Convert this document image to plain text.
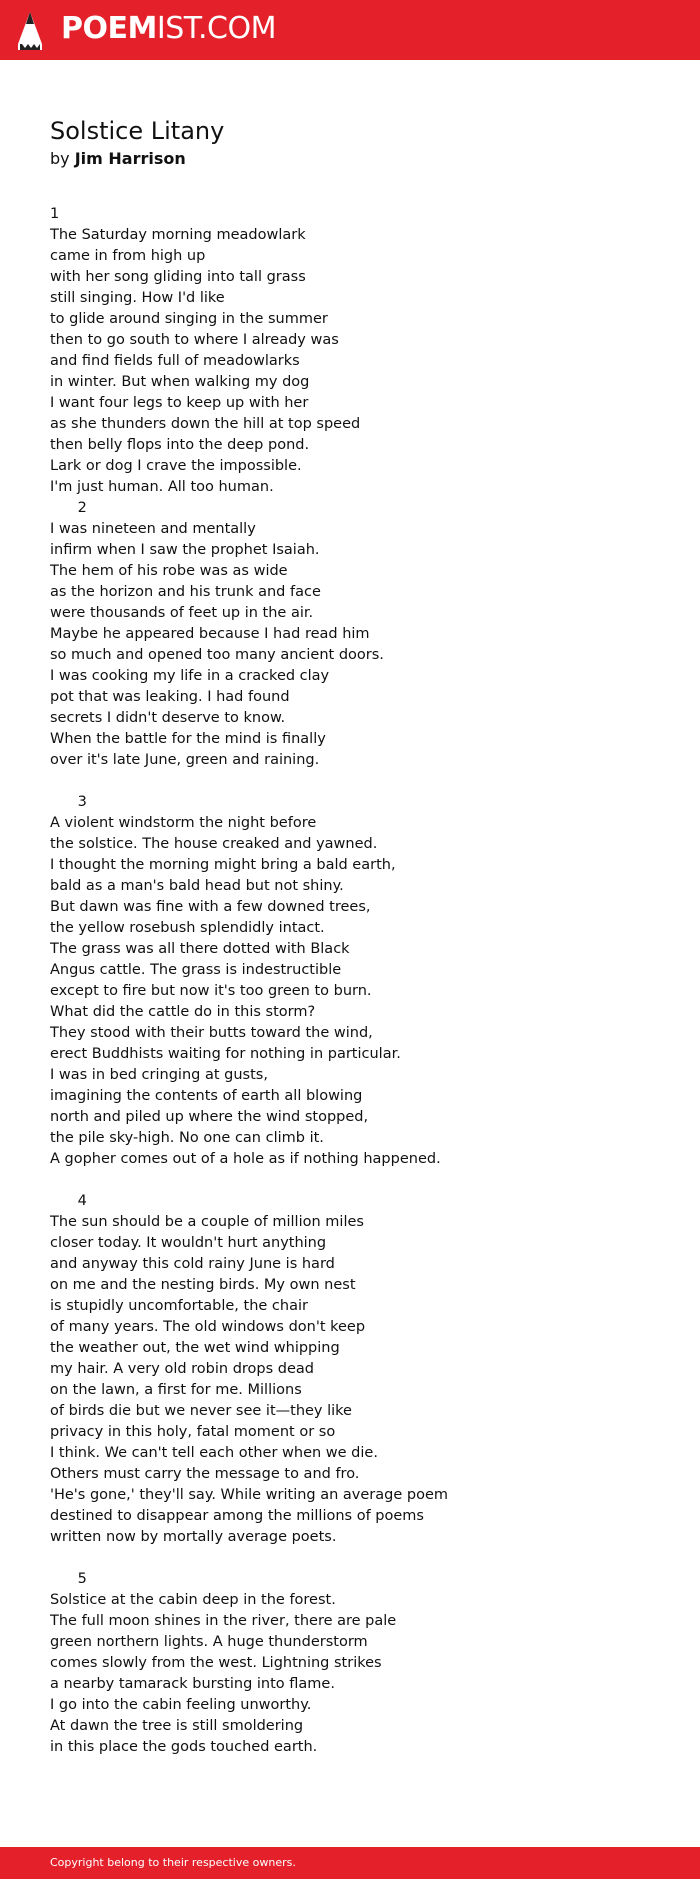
POEMIST.COM
Solstice Litany
by Jim Harrison
1
The Saturday morning meadowlark
came in from high up
with her song gliding into tall grass
still singing. How I'd like
to glide around singing in the summer
then to go south to where I already was
and find fields full of meadowlarks
in winter. But when walking my dog
I want four legs to keep up with her
as she thunders down the hill at top speed
then belly flops into the deep pond.
Lark or dog I crave the impossible.
I'm just human. All too human.
2
I was nineteen and mentally
infirm when I saw the prophet Isaiah.
The hem of his robe was as wide
as the horizon and his trunk and face
were thousands of feet up in the air.
Maybe he appeared because I had read him
so much and opened too many ancient doors.
I was cooking my life in a cracked clay
pot that was leaking. I had found
secrets I didn't deserve to know.
When the battle for the mind is finally
over it's late June, green and raining.
3
A violent windstorm the night before
the solstice. The house creaked and yawned.
I thought the morning might bring a bald earth,
bald as a man's bald head but not shiny.
But dawn was fine with a few downed trees,
the yellow rosebush splendidly intact.
The grass was all there dotted with Black
Angus cattle. The grass is indestructible
except to fire but now it's too green to burn.
What did the cattle do in this storm?
They stood with their butts toward the wind,
erect Buddhists waiting for nothing in particular.
I was in bed cringing at gusts,
imagining the contents of earth all blowing
north and piled up where the wind stopped,
the pile sky-high. No one can climb it.
A gopher comes out of a hole as if nothing happened.
4
The sun should be a couple of million miles
closer today. It wouldn't hurt anything
and anyway this cold rainy June is hard
on me and the nesting birds. My own nest
is stupidly uncomfortable, the chair
of many years. The old windows don't keep
the weather out, the wet wind whipping
my hair. A very old robin drops dead
on the lawn, a first for me. Millions
of birds die but we never see it—they like
privacy in this holy, fatal moment or so
I think. We can't tell each other when we die.
Others must carry the message to and fro.
'He's gone,' they'll say. While writing an average poem
destined to disappear among the millions of poems
written now by mortally average poets.
5
Solstice at the cabin deep in the forest.
The full moon shines in the river, there are pale
green northern lights. A huge thunderstorm
comes slowly from the west. Lightning strikes
a nearby tamarack bursting into flame.
I go into the cabin feeling unworthy.
At dawn the tree is still smoldering
in this place the gods touched earth.
Copyright belong to their respective owners.
